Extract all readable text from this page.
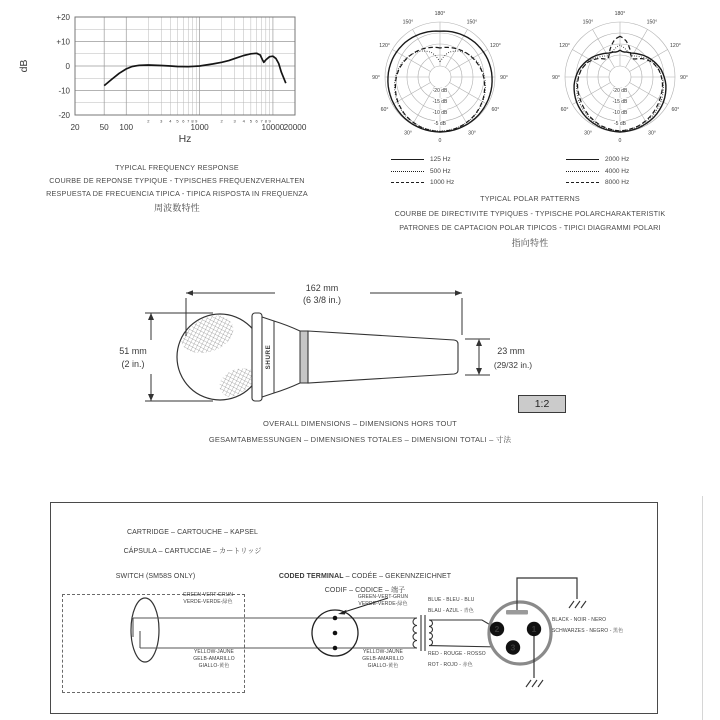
+20
+10
0
-10
-20
20 50 100	1000	10000 20000
2	3 4 5 6 7 8 9	2	3 4 5 6 7 8 9
dB
Hz
180°
150°
150°
120°
120°
90°
90°
60°
60°
30°
30°
-5 dB
-10 dB
-15 dB
-20 dB
0
180°
150°
150°
120°
120°
90°
90°
60°
60°
30°
30°
-5 dB
-10 dB
-15 dB
-20 dB
0
125 Hz
500 Hz
1000 Hz
2000 Hz
4000 Hz
8000 Hz
TYPICAL FREQUENCY RESPONSE
COURBE DE REPONSE TYPIQUE - TYPISCHES FREQUENZVERHALTEN
RESPUESTA DE FRECUENCIA TIPICA - TIPICA RISPOSTA IN FREQUENZA
周波数特性
TYPICAL POLAR PATTERNS
COURBE DE DIRECTIVITE TYPIQUES - TYPISCHE POLARCHARAKTERISTIK
PATRONES DE CAPTACION POLAR TIPICOS - TIPICI DIAGRAMMI POLARI
指向特性
SHURE
162 mm
(6 3/8 in.)
51 mm
(2 in.)
23 mm
(29/32 in.)
1:2
OVERALL DIMENSIONS – DIMENSIONS HORS TOUT
GESAMTABMESSUNGEN – DIMENSIONES TOTALES – DIMENSIONI TOTALI – 寸法
2	1
3
CARTRIDGE – CARTOUCHE – KAPSEL
CÁPSULA – CARTUCCIAE – カートリッジ
SWITCH (SM58S ONLY)	CODED TERMINAL – CODÉE – GEKENNZEICHNET
CODIF – CODICE – 端子
GREEN-VERT-GRUN
VERDE-VERDE-緑色
YELLOW-JAUNE
GELB-AMARILLO
GIALLO-黄色
GREEN-VERT-GRUN
VERDE-VERDE-緑色
YELLOW-JAUNE
GELB-AMARILLO
GIALLO-黄色
BLUE - BLEU - BLU
BLAU - AZUL - 青色
RED - ROUGE - ROSSO
ROT - ROJO - 赤色
BLACK - NOIR - NERO
SCHWARZES - NEGRO - 黒色
